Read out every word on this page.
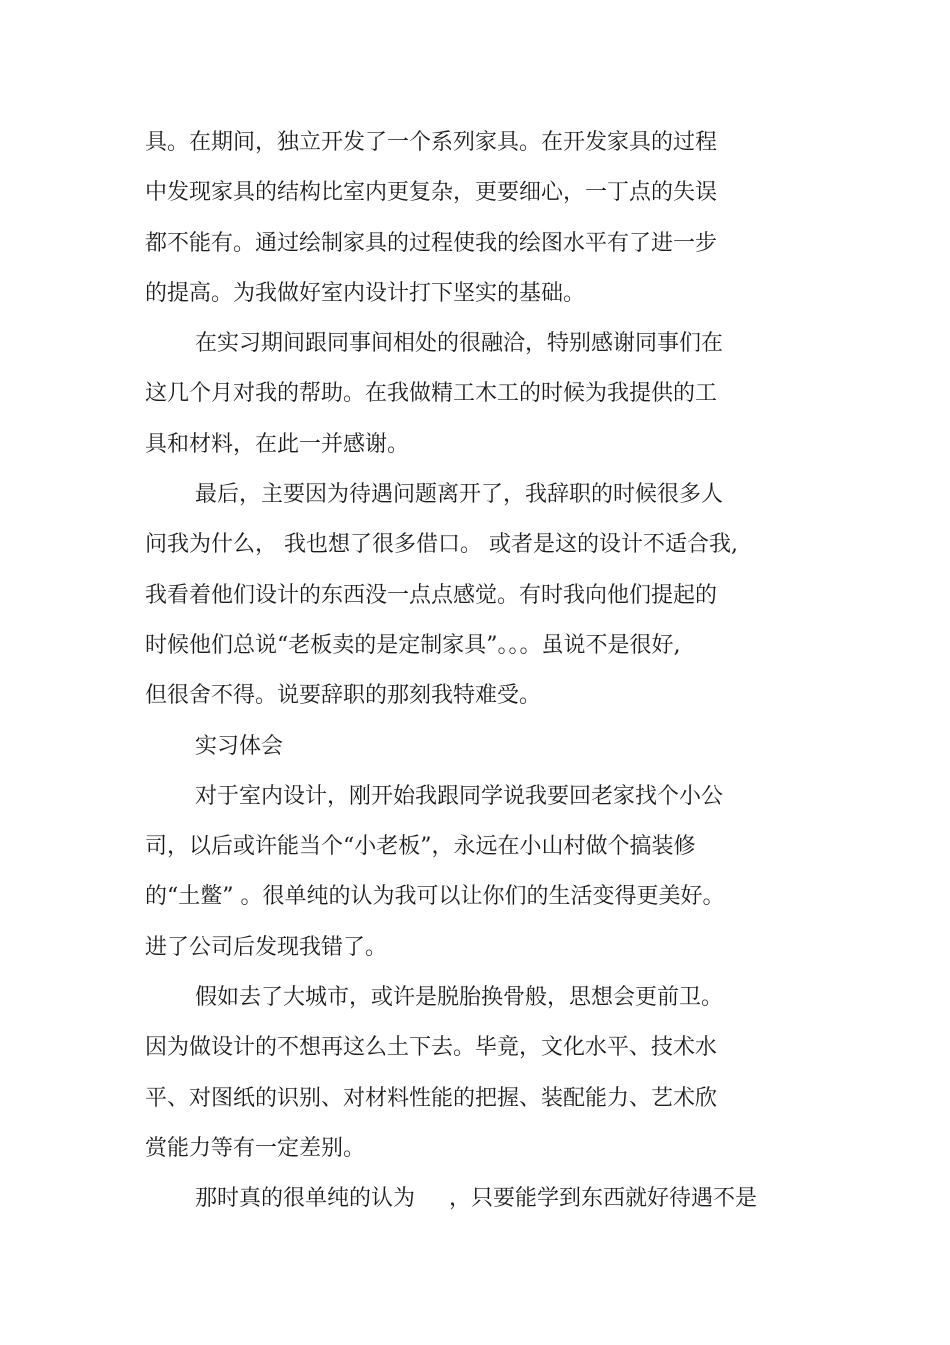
具。在期间，独立开发了一个系列家具。在开发家具的过程
中发现家具的结构比室内更复杂，更要细心，一丁点的失误
都不能有。通过绘制家具的过程使我的绘图水平有了进一步
的提高。为我做好室内设计打下坚实的基础。
在实习期间跟同事间相处的很融洽，特别感谢同事们在
这几个月对我的帮助。在我做精工木工的时候为我提供的工
具和材料，在此一并感谢。
最后，主要因为待遇问题离开了，我辞职的时候很多人
问我为什么， 我也想了很多借口。 或者是这的设计不适合我,
我看着他们设计的东西没一点点感觉。有时我向他们提起的
时候他们总说“老板卖的是定制家具”。。。虽说不是很好,
但很舍不得。说要辞职的那刻我特难受。
实习体会
对于室内设计，刚开始我跟同学说我要回老家找个小公
司，以后或许能当个“小老板”，永远在小山村做个搞装修
的“土鳖” 。很单纯的认为我可以让你们的生活变得更美好。
进了公司后发现我错了。
假如去了大城市，或许是脱胎换骨般，思想会更前卫。
因为做设计的不想再这么土下去。毕竟，文化水平、技术水
平、对图纸的识别、对材料性能的把握、装配能力、艺术欣
赏能力等有一定差别。
那时真的很单纯的认为 ，只要能学到东西就好待遇不是
